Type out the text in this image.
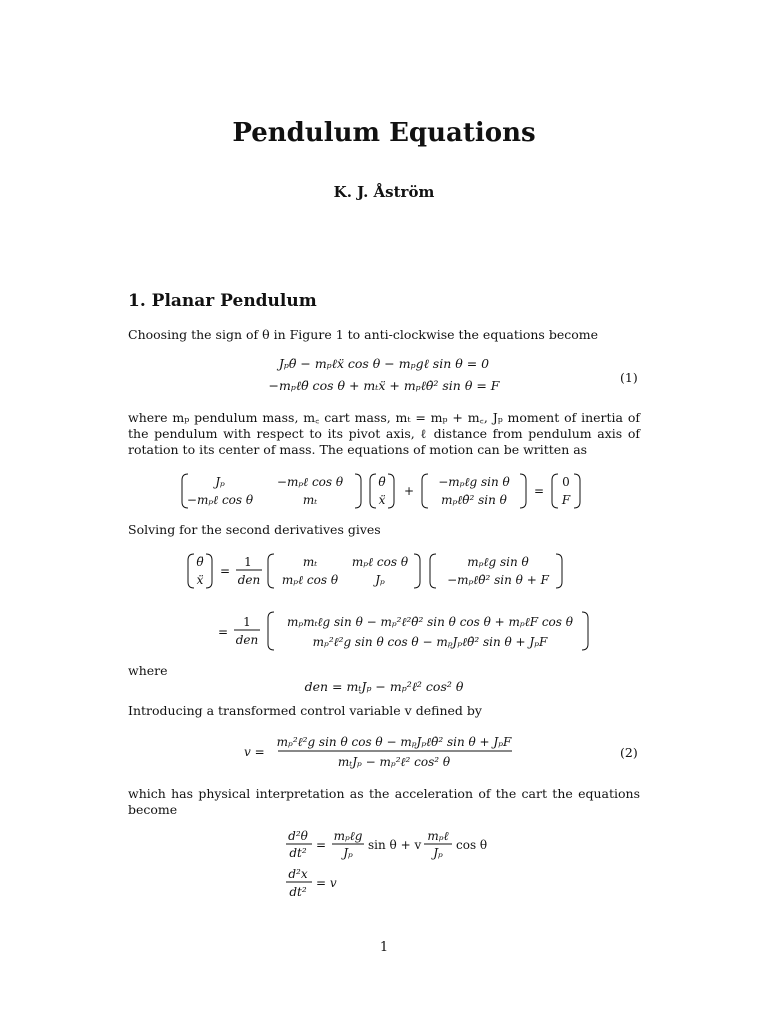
Pendulum Equations
K. J. Åström
1. Planar Pendulum
Choosing the sign of θ in Figure 1 to anti-clockwise the equations become
Jₚθ̈ − mₚℓẍ cos θ − mₚgℓ sin θ = 0
−mₚℓθ̈ cos θ + mₜẍ + mₚℓθ̇² sin θ = F
(1)
where mₚ pendulum mass, m꜀ cart mass, mₜ = mₚ + m꜀, Jₚ moment of inertia of the pendulum with respect to its pivot axis, ℓ distance from pendulum axis of rotation to its center of mass. The equations of motion can be written as
Jₚ	−mₚℓ cos θ
−mₚℓ cos θ	mₜ
θ̈
ẍ
+
−mₚℓg sin θ
mₚℓθ̇² sin θ
=
0
F
Solving for the second derivatives gives
θ̈
ẍ
=
1
den
mₜ	mₚℓ cos θ
mₚℓ cos θ	Jₚ
mₚℓg sin θ
−mₚℓθ̇² sin θ + F
=
1
den
mₚmₜℓg sin θ − mₚ²ℓ²θ̇² sin θ cos θ + mₚℓF cos θ
mₚ²ℓ²g sin θ cos θ − mₚJₚℓθ̇² sin θ + JₚF
where
den = mₜJₚ − mₚ²ℓ² cos² θ
Introducing a transformed control variable v defined by
v =
mₚ²ℓ²g sin θ cos θ − mₚJₚℓθ̇² sin θ + JₚF
mₜJₚ − mₚ²ℓ² cos² θ
(2)
which has physical interpretation as the acceleration of the cart the equations become
d²θ
dt²
=
mₚℓg
Jₚ
sin θ + v
mₚℓ
Jₚ
cos θ
d²x
dt²
= v
1
